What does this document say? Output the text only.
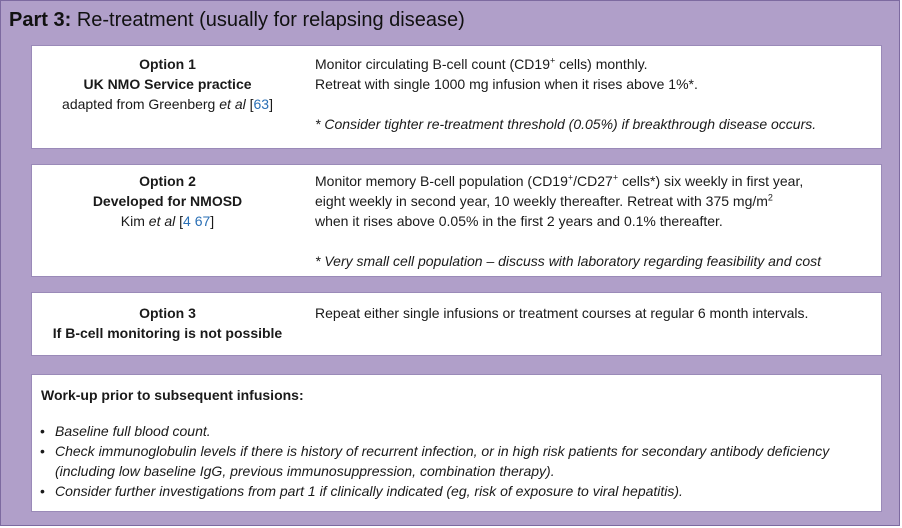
Part 3: Re-treatment (usually for relapsing disease)
Option 1
UK NMO Service practice
adapted from Greenberg et al [63]
Monitor circulating B-cell count (CD19+ cells) monthly.
Retreat with single 1000 mg infusion when it rises above 1%*.
* Consider tighter re-treatment threshold (0.05%) if breakthrough disease occurs.
Option 2
Developed for NMOSD
Kim et al [4 67]
Monitor memory B-cell population (CD19+/CD27+ cells*) six weekly in first year,
eight weekly in second year, 10 weekly thereafter. Retreat with 375 $mg/m^2$
when it rises above 0.05% in the first 2 years and 0.1% thereafter.
* Very small cell population – discuss with laboratory regarding feasibility and cost
Option 3
If B-cell monitoring is not possible
Repeat either single infusions or treatment courses at regular 6 month intervals.
Work-up prior to subsequent infusions:
• Baseline full blood count.
• Check immunoglobulin levels if there is history of recurrent infection, or in high risk patients for secondary antibody deficiency (including low baseline IgG, previous immunosuppression, combination therapy).
• Consider further investigations from part 1 if clinically indicated (eg, risk of exposure to viral hepatitis).
